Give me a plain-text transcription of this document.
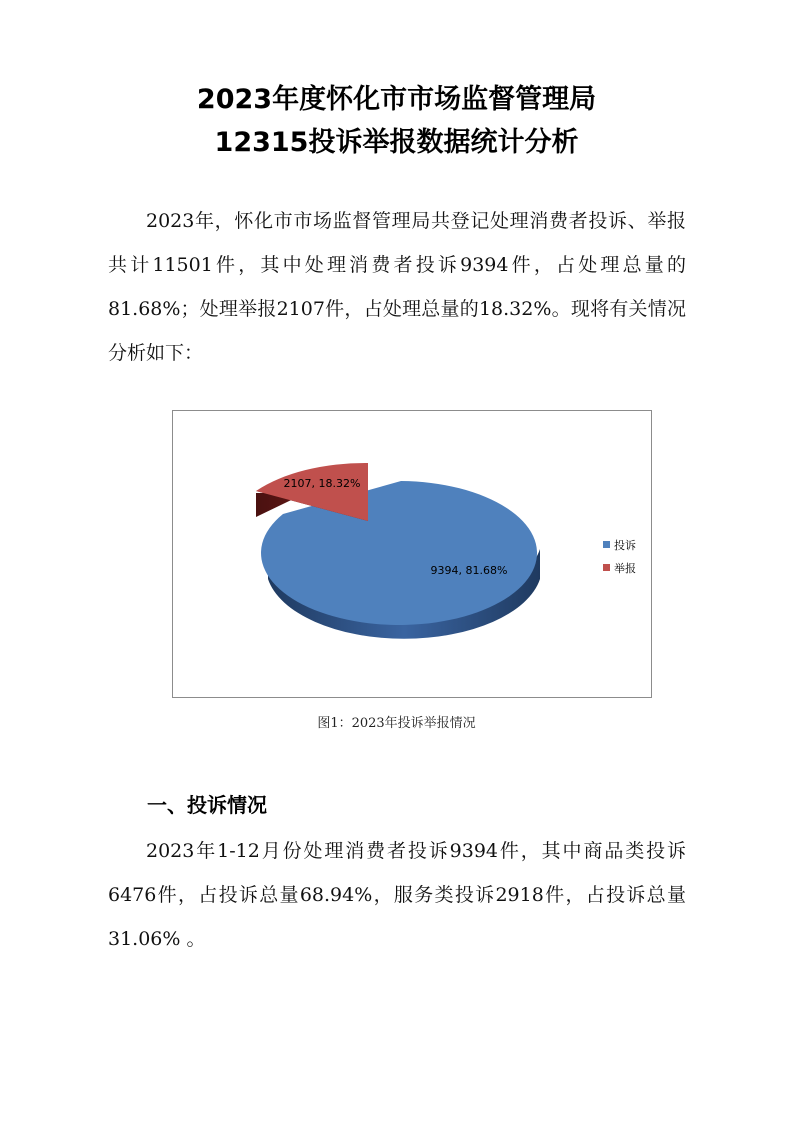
2023年度怀化市市场监督管理局
12315投诉举报数据统计分析

2023年，怀化市市场监督管理局共登记处理消费者投诉、举报共计11501件，其中处理消费者投诉9394件，占处理总量的81.68%；处理举报2107件，占处理总量的18.32%。现将有关情况分析如下：

2107, 18.32%
9394, 81.68%
投诉
举报
图1：2023年投诉举报情况
一、投诉情况

2023年1-12月份处理消费者投诉9394件，其中商品类投诉6476件，占投诉总量68.94%，服务类投诉2918件，占投诉总量31.06% 。
